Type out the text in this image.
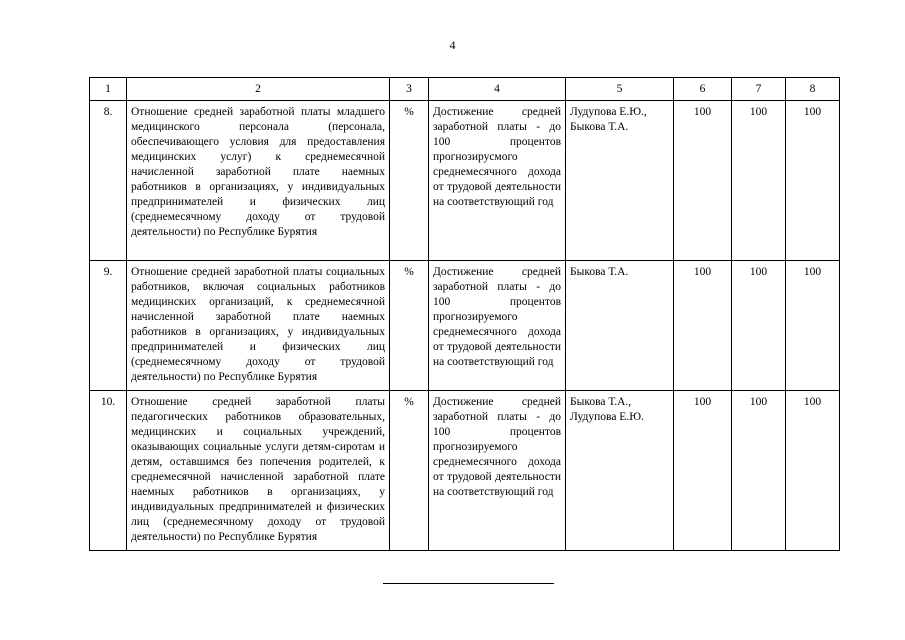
4
1	2	3	4	5	6	7	8
8.	Отношение средней заработной платы младшего медицинского персонала (персонала, обеспечивающего условия для предоставления медицинских услуг) к среднемесячной начисленной заработной плате наемных работников в организациях, у индивидуальных предпринимателей и физических лиц (среднемесячному доходу от трудовой деятельности) по Республике Бурятия	%	Достижение средней заработной платы - до 100 процентов прогнозирусмого среднемесячного дохода от трудовой деятельности на соответствующий год	Лудупова Е.Ю., Быкова Т.А.	100	100	100
9.	Отношение средней заработной платы социальных работников, включая социальных работников медицинских организаций, к среднемесячной начисленной заработной плате наемных работников в организациях, у индивидуальных предпринимателей и физических лиц (среднемесячному доходу от трудовой деятельности) по Республике Бурятия	%	Достижение средней заработной платы - до 100 процентов прогнозируемого среднемесячного дохода от трудовой деятельности на соответствующий год	Быкова Т.А.	100	100	100
10.	Отношение средней заработной платы педагогических работников образовательных, медицинских и социальных учреждений, оказывающих социальные услуги детям-сиротам и детям, оставшимся без попечения родителей, к среднемесячной начисленной заработной плате наемных работников в организациях, у индивидуальных предпринимателей и физических лиц (среднемесячному доходу от трудовой деятельности) по Республике Бурятия	%	Достижение средней заработной платы - до 100 процентов прогнозируемого среднемесячного дохода от трудовой деятельности на соответствующий год	Быкова Т.А., Лудупова Е.Ю.	100	100	100
